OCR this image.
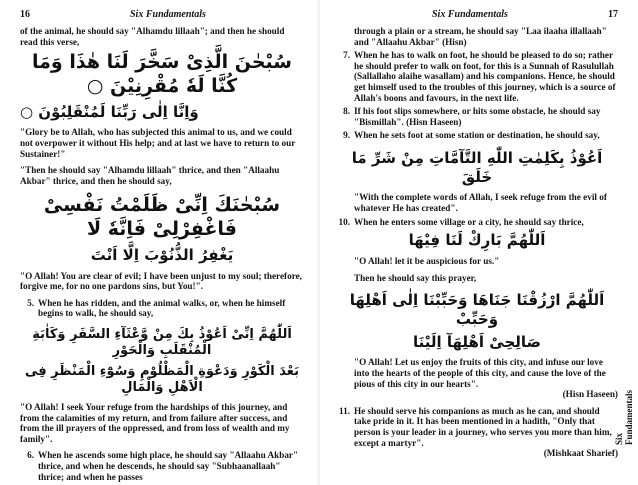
16	Six Fundamentals

of the animal, he should say "Alhamdu lillaah"; and then he should read this verse,

سُبْحٰنَ الَّذِىْ سَخَّرَ لَنَا هٰذَا وَمَا كُنَّا لَهٗ مُقْرِنِيْنَ ○
وَاِنَّا اِلٰى رَبِّنَا لَمُنْقَلِبُوْنَ ○

"Glory be to Allah, who has subjected this animal to us, and we could not overpower it without His help; and at last we have to return to our Sustainer!"

"Then he should say "Alhamdu lillaah" thrice, and then "Allaahu Akbar" thrice, and then he should say,

سُبْحٰنَكَ اِنِّىْ ظَلَمْتُ نَفْسِىْ فَاغْفِرْلِىْ فَاِنَّهٗ لَا
يَغْفِرُ الذُّنُوْبَ اِلَّا اَنْتَ

"O Allah! You are clear of evil; I have been unjust to my soul; therefore, forgive me, for no one pardons sins, but You!".

5. When he has ridden, and the animal walks, or, when he himself begins to walk, he should say,

اَللّٰهُمَّ اِنِّىْ اَعُوْذُ بِكَ مِنْ وَّعْثَآءِ السَّفَرِ وَكَاٰبَةِ الْمُنْقَلَبِ وَالْحَوْرِ
بَعْدَ الْكَوْرِ وَدَعْوَةِ الْمَظْلُوْمِ وَسُوْٓءِ الْمَنْظَرِ فِى الْاَهْلِ وَالْمَالِ

"O Allah! I seek Your refuge from the hardships of this journey, and from the calamities of my return, and from failure after success, and from the ill prayers of the oppressed, and from loss of wealth and my family".

6. When he ascends some high place, he should say "Allaahu Akbar" thrice, and when he descends, he should say "Subhaanallaah" thrice; and when he passes

Six Fundamentals	17

through a plain or a stream, he should say "Laa ilaaha illallaah" and "Allaahu Akbar" (Hisn)

7. When he has to walk on foot, he should be pleased to do so; rather he should prefer to walk on foot, for this is a Sunnah of Rasulullah (Sallallaho alaihe wasallam) and his companions. Hence, he should get himself used to the troubles of this journey, which is a source of Allah's boons and favours, in the next life.

8. If his foot slips somewhere, or hits some obstacle, he should say "Bismillah". (Hisn Haseen)

9. When he sets foot at some station or destination, he should say,

اَعُوْذُ بِكَلِمٰتِ اللّٰهِ التَّآمَّاتِ مِنْ شَرِّ مَا خَلَقَ

"With the complete words of Allah, I seek refuge from the evil of whatever He has created".

10. When he enters some village or a city, he should say thrice,

اَللّٰهُمَّ بَارِكْ لَنَا فِيْهَا

"O Allah! let it be auspicious for us."

Then he should say this prayer,

اَللّٰهُمَّ ارْزُقْنَا جَنَاهَا وَحَبِّبْنَا اِلٰى اَهْلِهَا وَحَبِّبْ
صَالِحِىْ اَهْلِهَآ اِلَيْنَا

"O Allah! Let us enjoy the fruits of this city, and infuse our love into the hearts of the people of this city, and cause the love of the pious of this city in our hearts".

(Hisn Haseen)

11. He should serve his companions as much as he can, and should take pride in it. It has been mentioned in a hadith, "Only that person is your leader in a journey, who serves you more than him, except a martyr".

(Mishkaat Sharief)

Six
Fundamentals
